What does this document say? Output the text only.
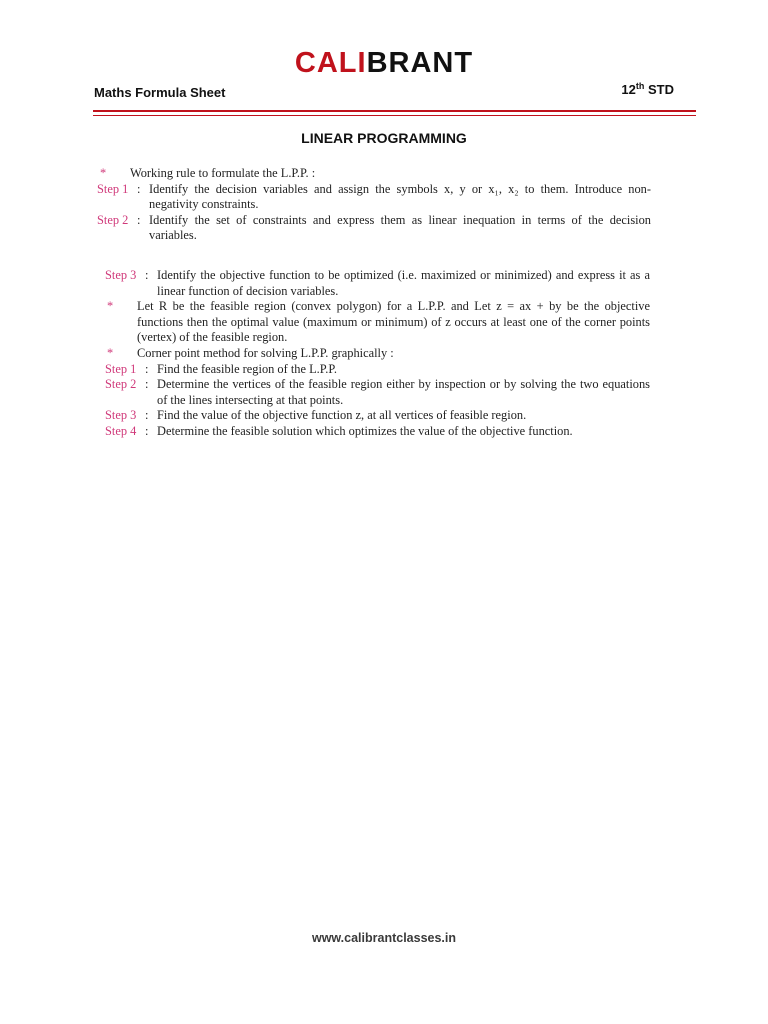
CALIBRANT
Maths Formula Sheet	12th STD
LINEAR PROGRAMMING
*	Working rule to formulate the L.P.P. :
Step 1 : Identify the decision variables and assign the symbols x, y or x₁, x₂ to them. Introduce non-negativity constraints.
Step 2 : Identify the set of constraints and express them as linear inequation in terms of the decision variables.
Step 3 : Identify the objective function to be optimized (i.e. maximized or minimized) and express it as a linear function of decision variables.
*	Let R be the feasible region (convex polygon) for a L.P.P. and Let z = ax + by be the objective functions then the optimal value (maximum or minimum) of z occurs at least one of the corner points (vertex) of the feasible region.
*	Corner point method for solving L.P.P. graphically :
Step 1 : Find the feasible region of the L.P.P.
Step 2 : Determine the vertices of the feasible region either by inspection or by solving the two equations of the lines intersecting at that points.
Step 3 : Find the value of the objective function z, at all vertices of feasible region.
Step 4 : Determine the feasible solution which optimizes the value of the objective function.
www.calibrantclasses.in
